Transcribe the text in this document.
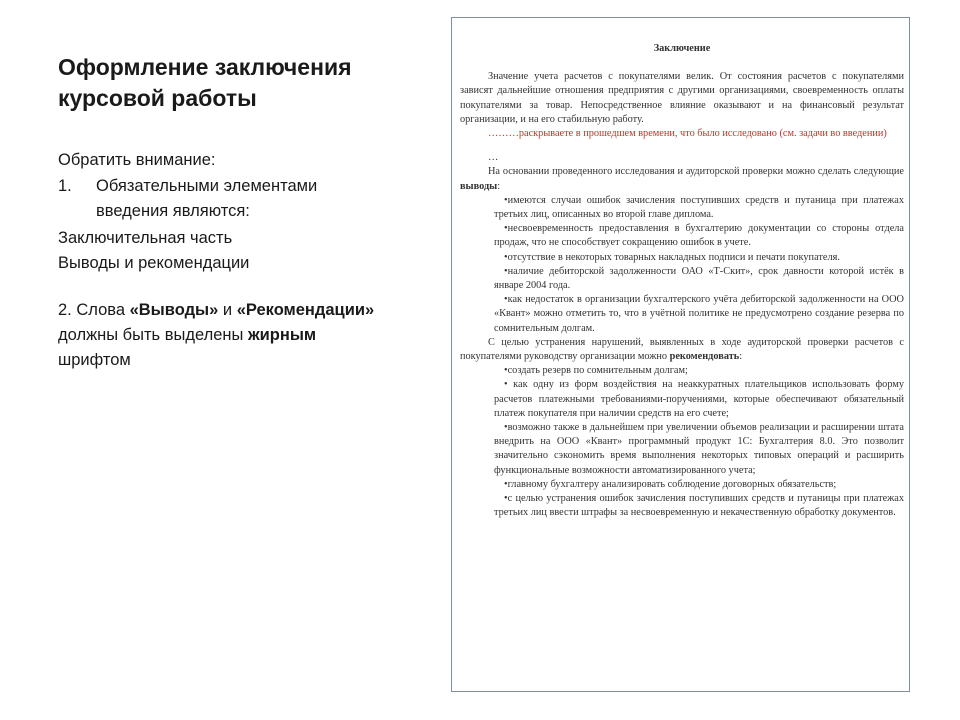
Оформление заключения курсовой работы

Обратить внимание:

1.	Обязательными элементами введения являются:

Заключительная часть

Выводы и рекомендации

2. Слова «Выводы» и «Рекомендации» должны быть выделены жирным шрифтом

Заключение

Значение учета расчетов с покупателями велик. От состояния расчетов с покупателями зависят дальнейшие отношения предприятия с другими организациями, своевременность оплаты покупателями за товар. Непосредственное влияние оказывают и на финансовый результат организации, и на его стабильную работу.

………раскрываете в прошедшем времени, что было исследовано (см. задачи во введении)

…

На основании проведенного исследования и аудиторской проверки можно сделать следующие выводы:

•имеются случаи ошибок зачисления поступивших средств и путаница при платежах третьих лиц, описанных во второй главе диплома.

•несвоевременность предоставления в бухгалтерию документации со стороны отдела продаж, что не способствует сокращению ошибок в учете.

•отсутствие в некоторых товарных накладных подписи и печати покупателя.

•наличие дебиторской задолженности ОАО «Т-Скит», срок давности которой истёк в январе 2004 года.

•как недостаток в организации бухгалтерского учёта дебиторской задолженности на ООО «Квант» можно отметить то, что в учётной политике не предусмотрено создание резерва по сомнительным долгам.

С целью устранения нарушений, выявленных в ходе аудиторской проверки расчетов с покупателями руководству организации можно рекомендовать:

•создать резерв по сомнительным долгам;

• как одну из форм воздействия на неаккуратных плательщиков использовать форму расчетов платежными требованиями-поручениями, которые обеспечивают обязательный платеж покупателя при наличии средств на его счете;

•возможно также в дальнейшем при увеличении объемов реализации и расширении штата внедрить на ООО «Квант» программный продукт 1С: Бухгалтерия 8.0. Это позволит значительно сэкономить время выполнения некоторых типовых операций и расширить функциональные возможности автоматизированного учета;

•главному бухгалтеру анализировать соблюдение договорных обязательств;

•с целью устранения ошибок зачисления поступивших средств и путаницы при платежах третьих лиц ввести штрафы за несвоевременную и некачественную обработку документов.
